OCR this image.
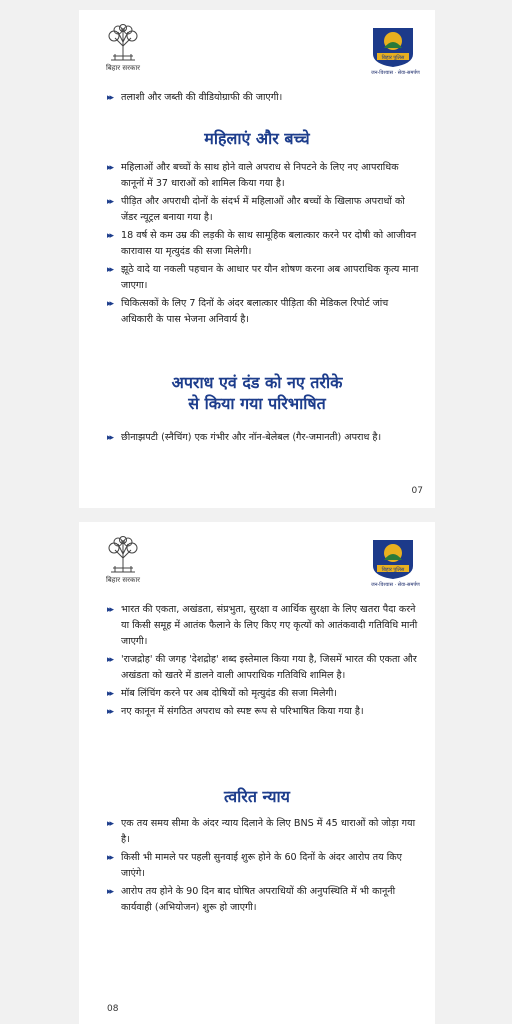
बिहार सरकार
बिहार पुलिस
जन-विश्वास · सेवा-समर्पण
▸▸ तलाशी और जब्ती की वीडियोग्राफी की जाएगी।
महिलाएं और बच्चे
▸▸ महिलाओं और बच्चों के साथ होने वाले अपराध से निपटने के लिए नए आपराधिक कानूनों में 37 धाराओं को शामिल किया गया है।
▸▸ पीड़ित और अपराधी दोनों के संदर्भ में महिलाओं और बच्चों के खिलाफ अपराधों को जेंडर न्यूट्रल बनाया गया है।
▸▸ 18 वर्ष से कम उम्र की लड़की के साथ सामूहिक बलात्कार करने पर दोषी को आजीवन कारावास या मृत्युदंड की सजा मिलेगी।
▸▸ झूठे वादे या नकली पहचान के आधार पर यौन शोषण करना अब आपराधिक कृत्य माना जाएगा।
▸▸ चिकित्सकों के लिए 7 दिनों के अंदर बलात्कार पीड़िता की मेडिकल रिपोर्ट जांच अधिकारी के पास भेजना अनिवार्य है।
अपराध एवं दंड को नए तरीके
से किया गया परिभाषित
▸▸ छीनाझपटी (स्नैचिंग) एक गंभीर और नॉन-बेलेबल (गैर-जमानती) अपराध है।
07
बिहार सरकार
बिहार पुलिस
जन-विश्वास · सेवा-समर्पण
▸▸ भारत की एकता, अखंडता, संप्रभुता, सुरक्षा व आर्थिक सुरक्षा के लिए खतरा पैदा करने या किसी समूह में आतंक फैलाने के लिए किए गए कृत्यों को आतंकवादी गतिविधि मानी जाएगी।
▸▸ 'राजद्रोह' की जगह 'देशद्रोह' शब्द इस्तेमाल किया गया है, जिसमें भारत की एकता और अखंडता को खतरे में डालने वाली आपराधिक गतिविधि शामिल है।
▸▸ मॉब लिंचिंग करने पर अब दोषियों को मृत्युदंड की सजा मिलेगी।
▸▸ नए कानून में संगठित अपराध को स्पष्ट रूप से परिभाषित किया गया है।
त्वरित न्याय
▸▸ एक तय समय सीमा के अंदर न्याय दिलाने के लिए BNS में 45 धाराओं को जोड़ा गया है।
▸▸ किसी भी मामले पर पहली सुनवाई शुरू होने के 60 दिनों के अंदर आरोप तय किए जाएंगे।
▸▸ आरोप तय होने के 90 दिन बाद घोषित अपराधियों की अनुपस्थिति में भी कानूनी कार्यवाही (अभियोजन) शुरू हो जाएगी।
08
